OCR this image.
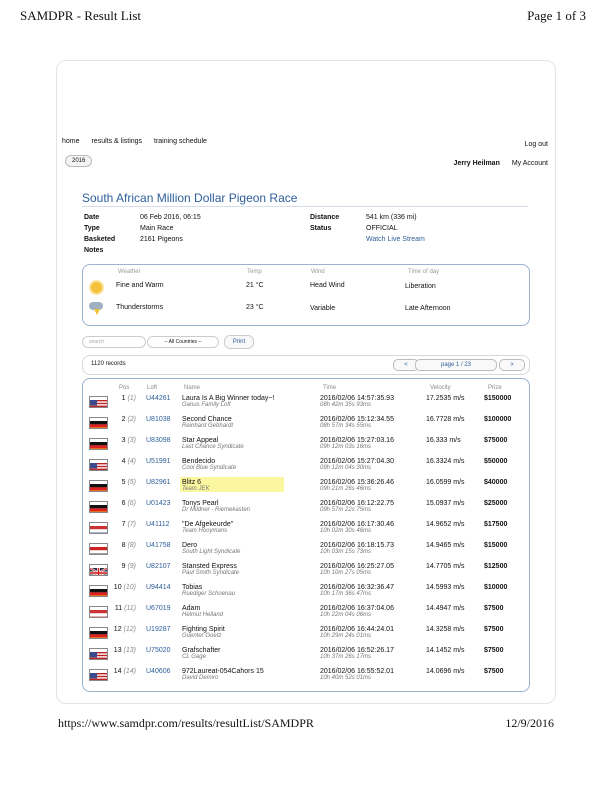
SAMDPR - Result List	Page 1 of 3
home results & listings training schedule	Log out
2016	Jerry Heilman My Account
South African Million Dollar Pigeon Race
Date	06 Feb 2016, 06:15
Type	Main Race
Basketed	2161 Pigeons
Notes
Distance	541 km (336 mi)
Status	OFFICIAL
Watch Live Stream
Weather	Temp	Wind	Time of day
Fine and Warm	21 °C	Head Wind	Liberation
Thunderstorms	23 °C	Variable	Late Afternoon
search	-- All Countries --	Print
1120 records	<	page 1 / 23	>
Pos	Loft	Name	Time	Velocity	Prize
1 (1) U44261 Laura Is A Big Winner today~!
Ganus Family Loft
2016/02/06 14:57:35.93
08h 42m 35s 93ms
17.2535 m/s	$150000
2 (2) U81038 Second Chance
Reinhard Gebhardt
2016/02/06 15:12:34.55
08h 57m 34s 55ms
16.7728 m/s	$100000
3 (3) U83098 Star Appeal
Last Chance Syndicate
2016/02/06 15:27:03.16
09h 12m 03s 16ms
16.333 m/s	$75000
4 (4) U51991 Bendecido
Cool Blue Syndicate
2016/02/06 15:27:04.30
09h 12m 04s 30ms
16.3324 m/s	$50000
5 (5) U82961 Blitz 6
Team JEK
2016/02/06 15:36:26.46
09h 21m 26s 46ms
16.0599 m/s	$40000
6 (6) U01423 Tonys Pearl
Dr Mildner - Riemekasten
2016/02/06 16:12:22.75
09h 57m 22s 75ms
15.0937 m/s	$25000
7 (7) U41112 "De Afgekeurde"
Team Hooymans
2016/02/06 16:17:30.46
10h 02m 30s 46ms
14.9652 m/s	$17500
8 (8) U41758 Dero
South Light Syndicate
2016/02/06 16:18:15.73
10h 03m 15s 73ms
14.9465 m/s	$15000
9 (9) U82107 Stansted Express
Paul Smith Syndicate
2016/02/06 16:25:27.05
10h 10m 27s 05ms
14.7705 m/s	$12500
10 (10) U94414 Tobias
Ruediger Schoenau
2016/02/06 16:32:36.47
10h 17m 36s 47ms
14.5993 m/s	$10000
11 (11) U67019 Adam
Helmut Helland
2016/02/06 16:37:04.06
10h 22m 04s 06ms
14.4947 m/s	$7500
12 (12) U19287 Fighting Spirit
Guenter Goetz
2016/02/06 16:44:24.01
10h 29m 24s 01ms
14.3258 m/s	$7500
13 (13) U75020 Grafschafter
CL Gage
2016/02/06 16:52:26.17
10h 37m 26s 17ms
14.1452 m/s	$7500
14 (14) U40606 972Laureat-054Cahors 15
David Demiro
2016/02/06 16:55:52.01
10h 40m 52s 01ms
14.0696 m/s	$7500
https://www.samdpr.com/results/resultList/SAMDPR	12/9/2016
